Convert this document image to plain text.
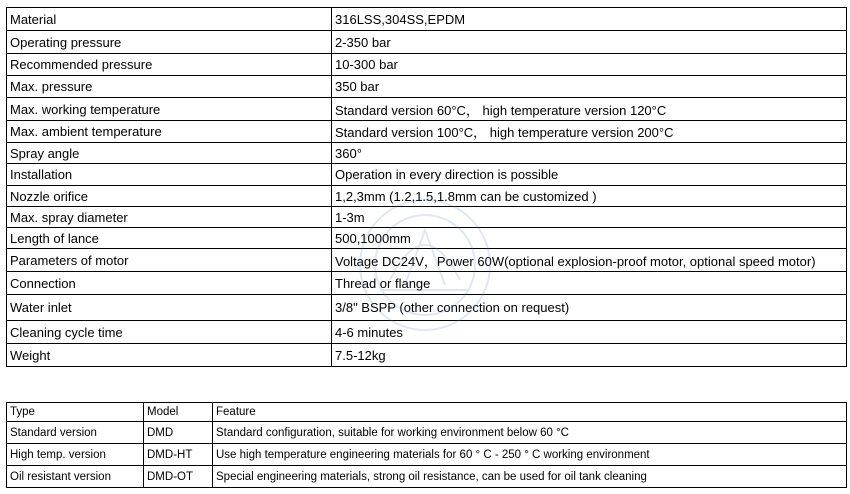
Material	316LSS,304SS,EPDM
Operating pressure	2-350 bar
Recommended pressure	10-300 bar
Max. pressure	350 bar
Max. working temperature	Standard version 60°C， high temperature version 120°C
Max. ambient temperature	Standard version 100°C， high temperature version 200°C
Spray angle	360°
Installation	Operation in every direction is possible
Nozzle orifice	1,2,3mm (1.2,1.5,1.8mm can be customized )
Max. spray diameter	1-3m
Length of lance	500,1000mm
Parameters of motor	Voltage DC24V，Power 60W(optional explosion-proof motor, optional speed motor)
Connection	Thread or flange
Water inlet	3/8" BSPP (other connection on request)
Cleaning cycle time	4-6 minutes
Weight	7.5-12kg
Type	Model	Feature
Standard version	DMD	Standard configuration, suitable for working environment below 60 °C
High temp. version	DMD-HT	Use high temperature engineering materials for 60 ° C - 250 ° C working environment
Oil resistant version	DMD-OT	Special engineering materials, strong oil resistance, can be used for oil tank cleaning
